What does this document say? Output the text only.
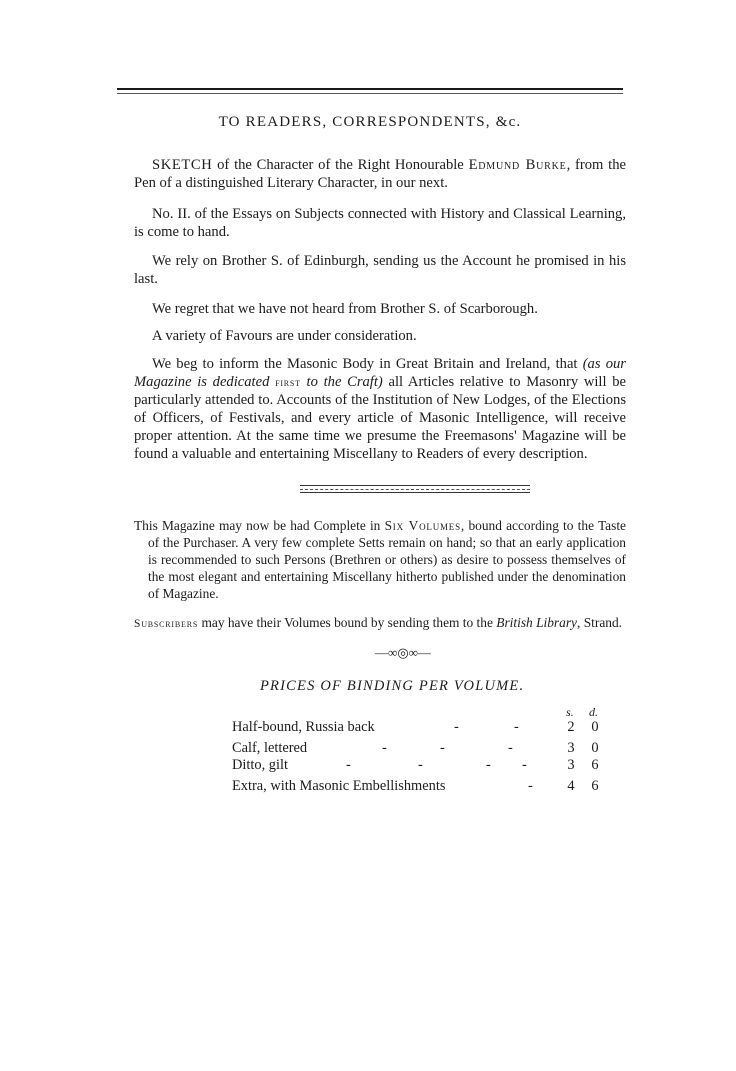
TO READERS, CORRESPONDENTS, &c.
SKETCH of the Character of the Right Honourable Edmund Burke, from the Pen of a distinguished Literary Character, in our next.
No. II. of the Essays on Subjects connected with History and Classical Learning, is come to hand.
We rely on Brother S. of Edinburgh, sending us the Account he promised in his last.
We regret that we have not heard from Brother S. of Scarborough.
A variety of Favours are under consideration.
We beg to inform the Masonic Body in Great Britain and Ireland, that (as our Magazine is dedicated first to the Craft) all Articles relative to Masonry will be particularly attended to. Accounts of the Institution of New Lodges, of the Elections of Officers, of Festivals, and every article of Masonic Intelligence, will receive proper attention. At the same time we presume the Freemasons' Magazine will be found a valuable and entertaining Miscellany to Readers of every description.
This Magazine may now be had Complete in Six Volumes, bound according to the Taste of the Purchaser. A very few complete Setts remain on hand; so that an early application is recommended to such Persons (Brethren or others) as desire to possess themselves of the most elegant and entertaining Miscellany hitherto published under the denomination of Magazine.
Subscribers may have their Volumes bound by sending them to the British Library, Strand.
—∞◎∞—
PRICES OF BINDING PER VOLUME.
s. d.
Half-bound, Russia back	-	-	2 0
Calf, lettered	-	-	-	3 0
Ditto, gilt	-	-	- -	3 6
Extra, with Masonic Embellishments	- 4 6
